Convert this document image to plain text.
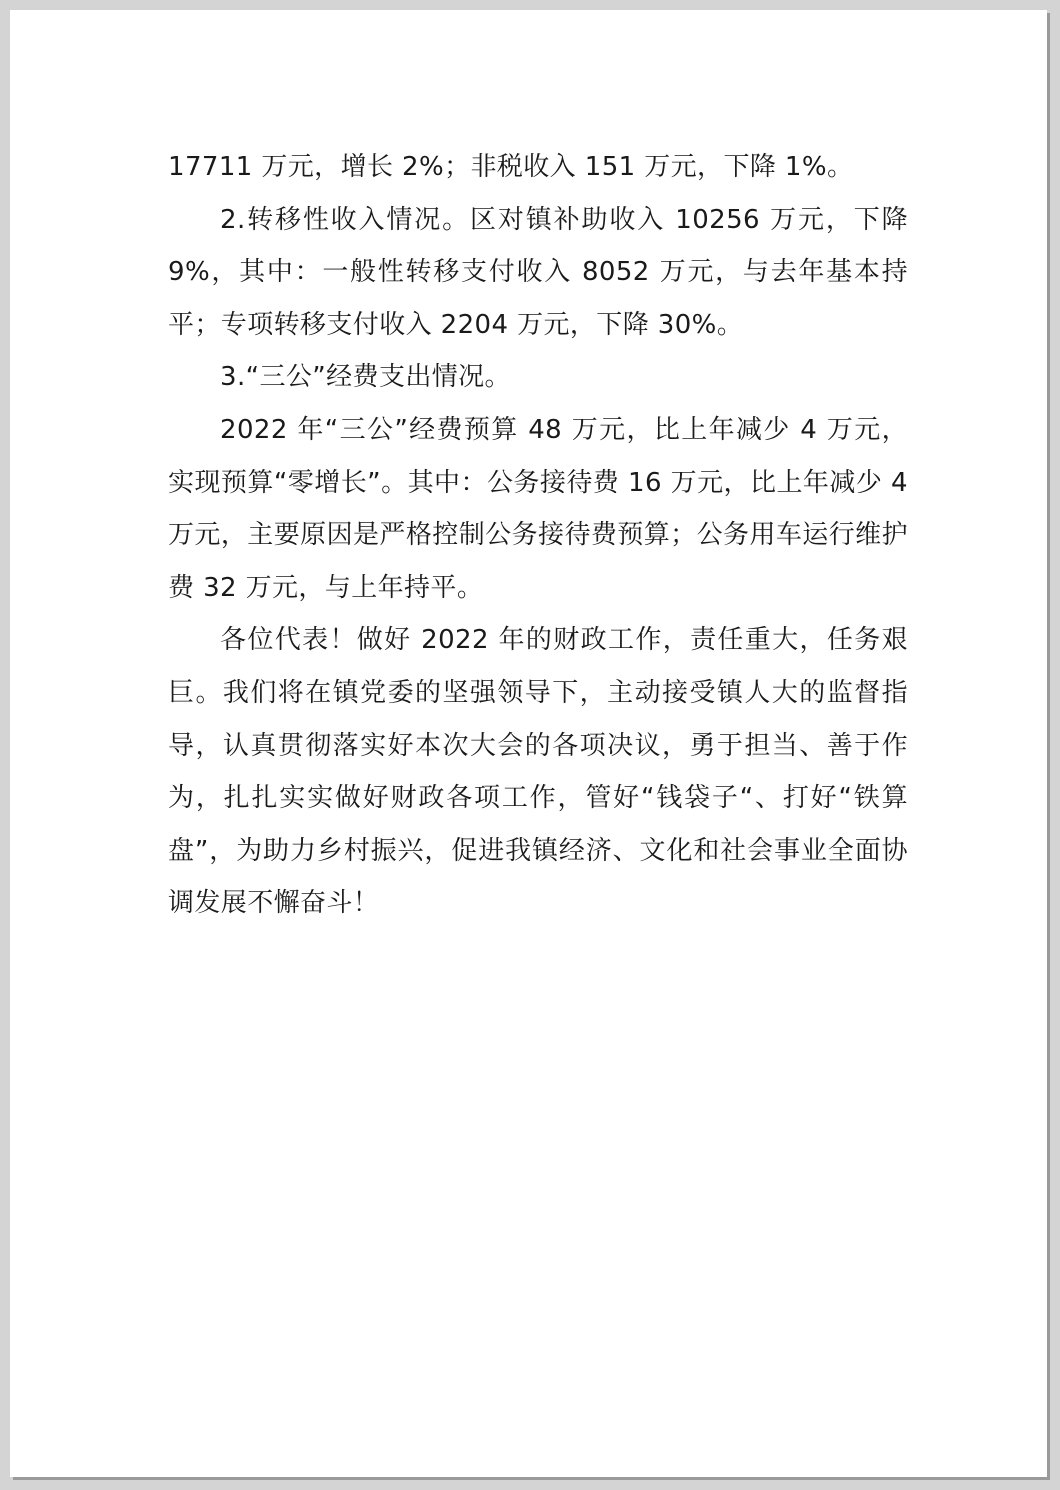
17711 万元，增长 2%；非税收入 151 万元，下降 1%。

2.转移性收入情况。区对镇补助收入 10256 万元，下降 9%，其中：一般性转移支付收入 8052 万元，与去年基本持平；专项转移支付收入 2204 万元，下降 30%。

3.“三公”经费支出情况。

2022 年“三公”经费预算 48 万元，比上年减少 4 万元，实现预算“零增长”。其中：公务接待费 16 万元，比上年减少 4 万元，主要原因是严格控制公务接待费预算；公务用车运行维护费 32 万元，与上年持平。

各位代表！做好 2022 年的财政工作，责任重大，任务艰巨。我们将在镇党委的坚强领导下，主动接受镇人大的监督指导，认真贯彻落实好本次大会的各项决议，勇于担当、善于作为，扎扎实实做好财政各项工作，管好“钱袋子“、打好“铁算盘”，为助力乡村振兴，促进我镇经济、文化和社会事业全面协调发展不懈奋斗！
